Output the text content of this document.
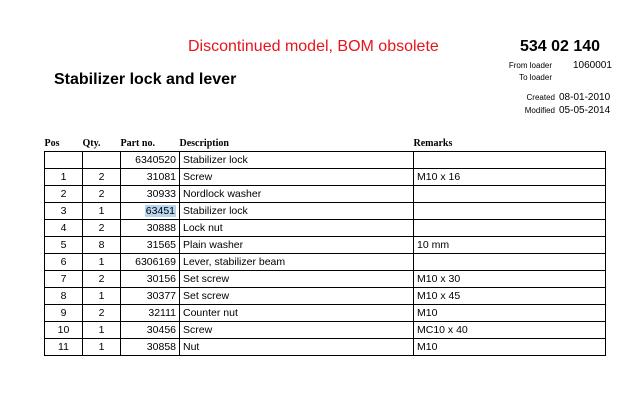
Discontinued model, BOM obsolete	534 02 140
Stabilizer lock and lever
From loader 1060001
To loader
Created 08-01-2010
Modified 05-05-2014
Pos	Qty.	Part no.	Description	Remarks
		6340520	Stabilizer lock	
1	2	31081	Screw	M10 x 16
2	2	30933	Nordlock washer	
3	1	63451	Stabilizer lock	
4	2	30888	Lock nut	
5	8	31565	Plain washer	10 mm
6	1	6306169	Lever, stabilizer beam	
7	2	30156	Set screw	M10 x 30
8	1	30377	Set screw	M10 x 45
9	2	32111	Counter nut	M10
10	1	30456	Screw	MC10 x 40
11	1	30858	Nut	M10
